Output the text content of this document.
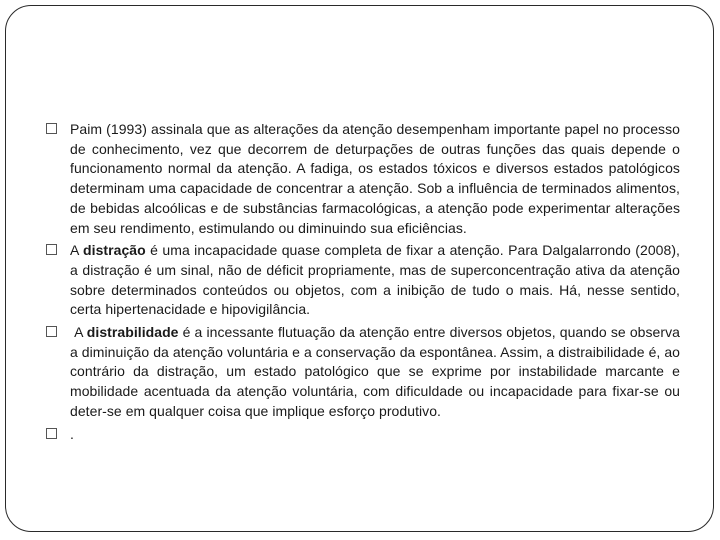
Paim (1993) assinala que as alterações da atenção desempenham importante papel no processo de conhecimento, vez que decorrem de deturpações de outras funções das quais depende o funcionamento normal da atenção. A fadiga, os estados tóxicos e diversos estados patológicos determinam uma capacidade de concentrar a atenção. Sob a influência de terminados alimentos, de bebidas alcoólicas e de substâncias farmacológicas, a atenção pode experimentar alterações em seu rendimento, estimulando ou diminuindo sua eficiências.
A distração é uma incapacidade quase completa de fixar a atenção. Para Dalgalarrondo (2008), a distração é um sinal, não de déficit propriamente, mas de superconcentração ativa da atenção sobre determinados conteúdos ou objetos, com a inibição de tudo o mais. Há, nesse sentido, certa hipertenacidade e hipovigilância.
A distrabilidade é a incessante flutuação da atenção entre diversos objetos, quando se observa a diminuição da atenção voluntária e a conservação da espontânea. Assim, a distraibilidade é, ao contrário da distração, um estado patológico que se exprime por instabilidade marcante e mobilidade acentuada da atenção voluntária, com dificuldade ou incapacidade para fixar-se ou deter-se em qualquer coisa que implique esforço produtivo.
.
